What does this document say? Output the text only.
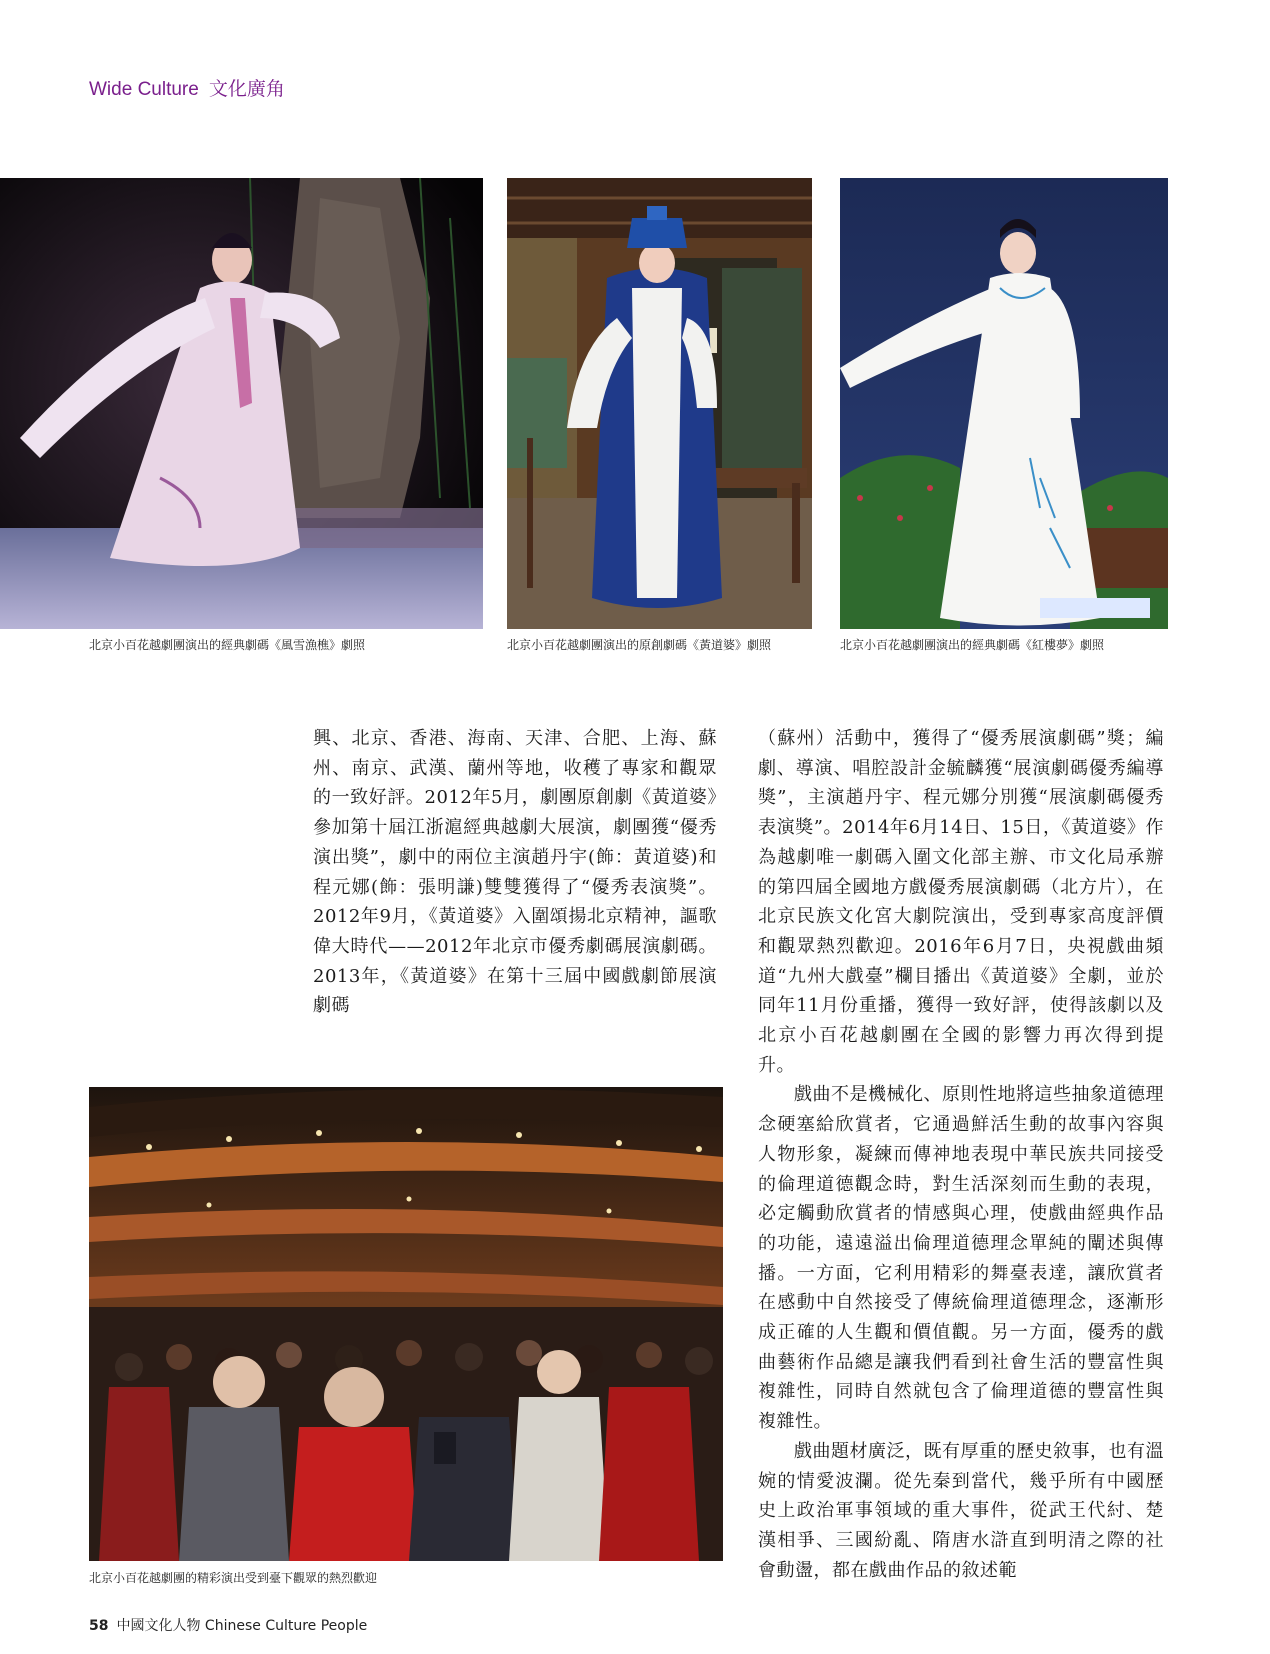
Wide Culture 文化廣角
北京小百花越劇團演出的經典劇碼《風雪漁樵》劇照	北京小百花越劇團演出的原創劇碼《黃道婆》劇照	北京小百花越劇團演出的經典劇碼《紅樓夢》劇照

興、北京、香港、海南、天津、合肥、上海、蘇州、南京、武漢、蘭州等地，收穫了專家和觀眾的一致好評。2012年5月，劇團原創劇《黃道婆》參加第十屆江浙滬經典越劇大展演，劇團獲“優秀演出獎”，劇中的兩位主演趙丹宇(飾：黃道婆)和程元娜(飾：張明謙)雙雙獲得了“優秀表演獎”。 2012年9月，《黃道婆》入圍頌揚北京精神，謳歌偉大時代——2012年北京市優秀劇碼展演劇碼。2013年，《黃道婆》在第十三屆中國戲劇節展演劇碼

（蘇州）活動中，獲得了“優秀展演劇碼”獎；編劇、導演、唱腔設計金毓麟獲“展演劇碼優秀編導獎”，主演趙丹宇、程元娜分別獲“展演劇碼優秀表演獎”。2014年6月14日、15日，《黃道婆》作為越劇唯一劇碼入圍文化部主辦、市文化局承辦的第四屆全國地方戲優秀展演劇碼（北方片），在北京民族文化宮大劇院演出，受到專家高度評價和觀眾熱烈歡迎。2016年6月7日，央視戲曲頻道“九州大戲臺”欄目播出《黃道婆》全劇，並於同年11月份重播，獲得一致好評，使得該劇以及北京小百花越劇團在全國的影響力再次得到提升。

戲曲不是機械化、原則性地將這些抽象道德理念硬塞給欣賞者，它通過鮮活生動的故事內容與人物形象，凝練而傳神地表現中華民族共同接受的倫理道德觀念時，對生活深刻而生動的表現，必定觸動欣賞者的情感與心理，使戲曲經典作品的功能，遠遠溢出倫理道德理念單純的闡述與傳播。一方面，它利用精彩的舞臺表達，讓欣賞者在感動中自然接受了傳統倫理道德理念，逐漸形成正確的人生觀和價值觀。另一方面，優秀的戲曲藝術作品總是讓我們看到社會生活的豐富性與複雜性，同時自然就包含了倫理道德的豐富性與複雜性。

戲曲題材廣泛，既有厚重的歷史敘事，也有溫婉的情愛波瀾。從先秦到當代，幾乎所有中國歷史上政治軍事領域的重大事件，從武王代紂、楚漢相爭、三國紛亂、隋唐水滸直到明清之際的社會動盪，都在戲曲作品的敘述範

北京小百花越劇團的精彩演出受到臺下觀眾的熱烈歡迎
58 中國文化人物 Chinese Culture People
